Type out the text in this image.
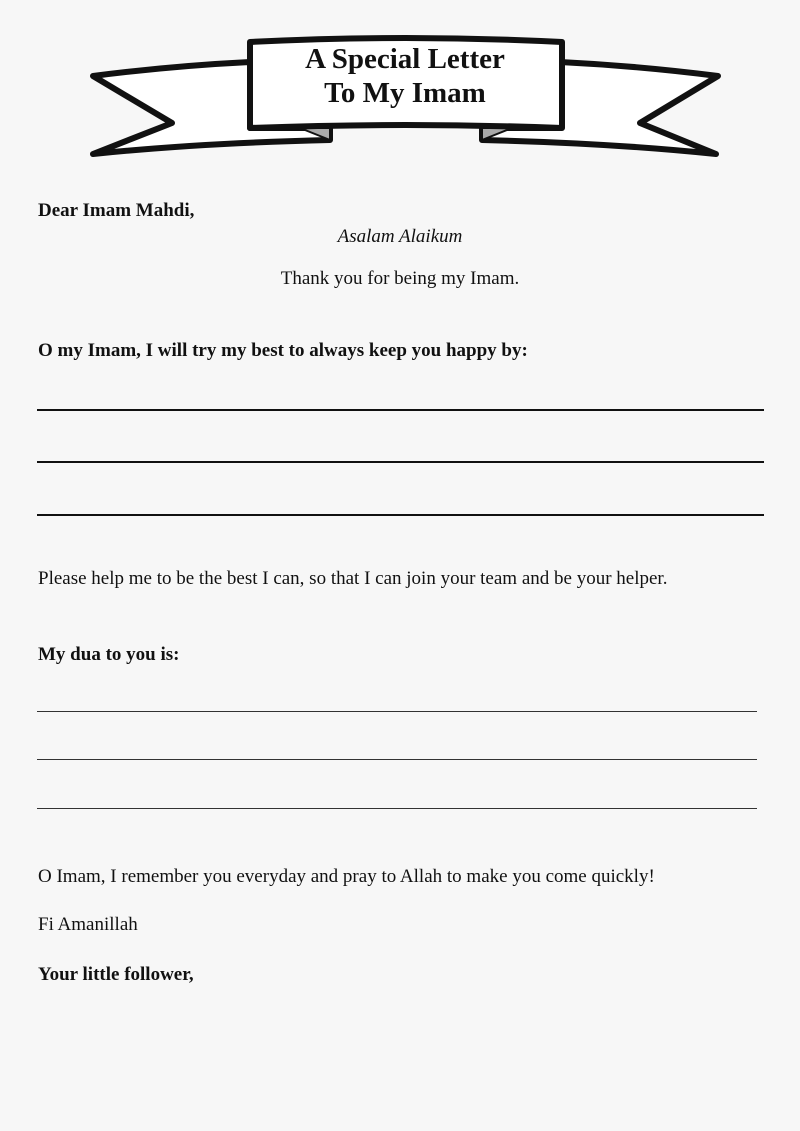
A Special Letter
To My Imam
Dear Imam Mahdi,
Asalam Alaikum
Thank you for being my Imam.
O my Imam, I will try my best to always keep you happy by:
Please help me to be the best I can, so that I can join your team and be your helper.
My dua to you is:
O Imam, I remember you everyday and pray to Allah to make you come quickly!
Fi Amanillah
Your little follower,
